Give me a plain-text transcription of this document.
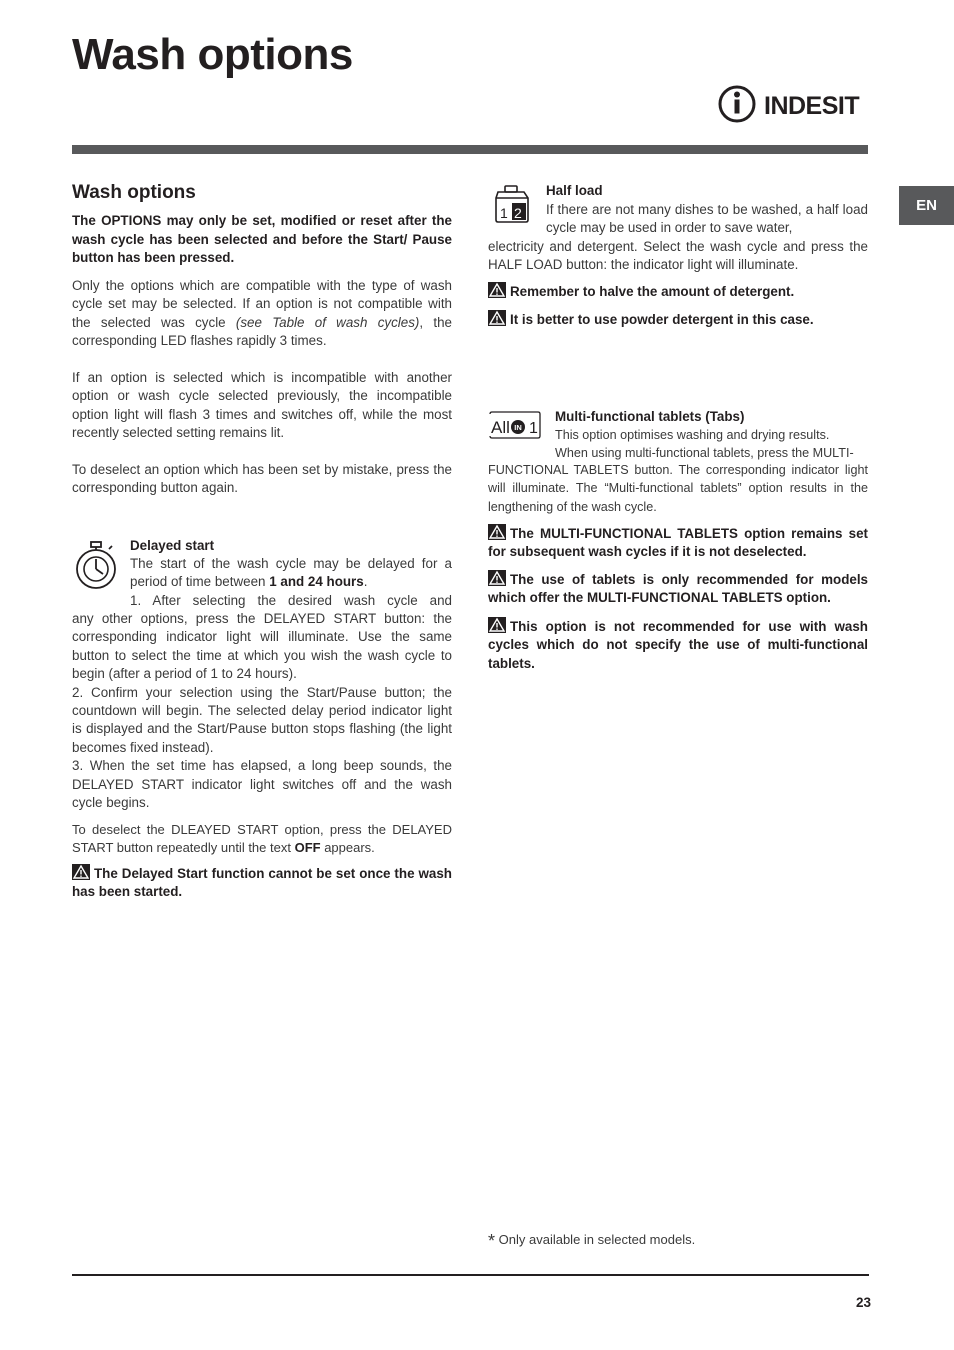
Wash options
INDESIT
EN
Wash options

The OPTIONS may only be set, modified or reset after the wash cycle has been selected and before the Start/ Pause button has been pressed.

Only the options which are compatible with the type of wash cycle set may be selected. If an option is not compatible with the selected was cycle (see Table of wash cycles), the corresponding LED flashes rapidly 3 times.

If an option is selected which is incompatible with another option or wash cycle selected previously, the incompatible option light will flash 3 times and switches off, while the most recently selected setting remains lit.

To deselect an option which has been set by mistake, press the corresponding button again.

Delayed start

The start of the wash cycle may be delayed for a period of time between 1 and 24 hours.

1. After selecting the desired wash cycle and

any other options, press the DELAYED START button: the corresponding indicator light will illuminate. Use the same button to select the time at which you wish the wash cycle to begin (after a period of 1 to 24 hours).

2. Confirm your selection using the Start/Pause button; the countdown will begin. The selected delay period indicator light is displayed and the Start/Pause button stops flashing (the light becomes fixed instead).

3. When the set time has elapsed, a long beep sounds, the DELAYED START indicator light switches off and the wash cycle begins.

To deselect the DLEAYED START option, press the DELAYED START button repeatedly until the text OFF appears.

The Delayed Start function cannot be set once the wash has been started.
1 2
Half load

If there are not many dishes to be washed, a half load cycle may be used in order to save water,

electricity and detergent. Select the wash cycle and press the HALF LOAD button: the indicator light will illuminate.

Remember to halve the amount of detergent.
It is better to use powder detergent in this case.
All IN 1
Multi-functional tablets (Tabs)

This option optimises washing and drying results.

When using multi-functional tablets, press the MULTI-

FUNCTIONAL TABLETS button. The corresponding indicator light will illuminate. The “Multi-functional tablets” option results in the lengthening of the wash cycle.

The MULTI-FUNCTIONAL TABLETS option remains set for subsequent wash cycles if it is not deselected.
The use of tablets is only recommended for models which offer the MULTI-FUNCTIONAL TABLETS option.
This option is not recommended for use with wash cycles which do not specify the use of multi-functional tablets.
* Only available in selected models.
23
